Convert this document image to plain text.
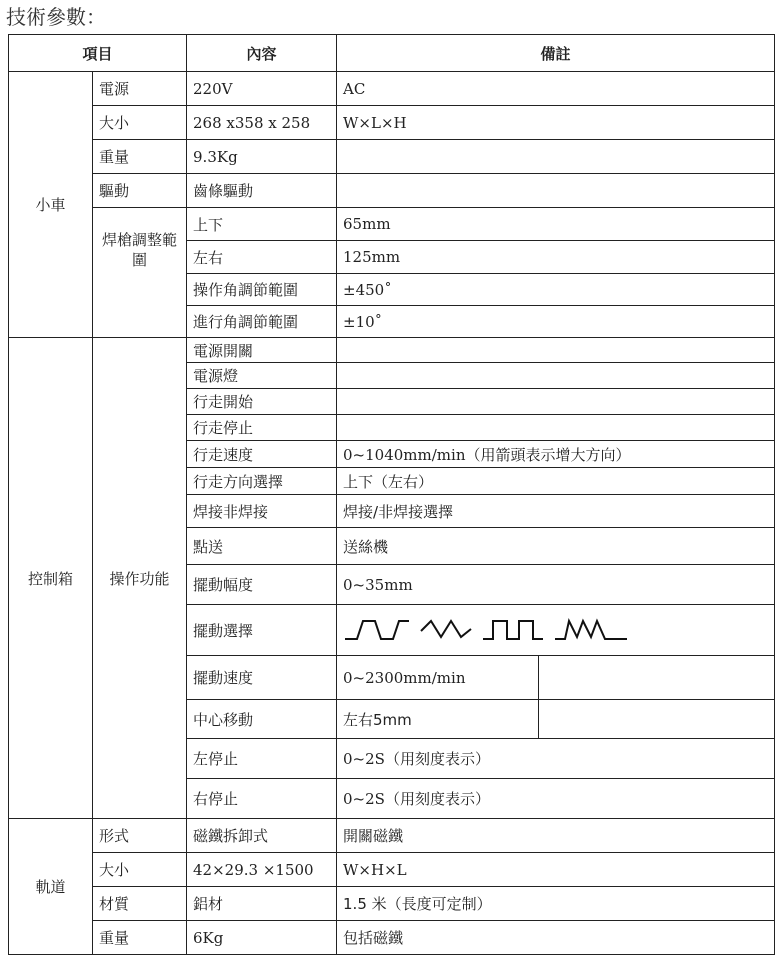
技術參數：
項目		內容	備註	
小車	電源	220V	AC	
	大小	268 x358 x 258	W×L×H	
	重量	9.3Kg		
	驅動	齒條驅動		
	焊槍調整範圍	上下	65mm	
		左右	125mm	
		操作角調節範圍	±450˚	
		進行角調節範圍	±10˚	
控制箱	操作功能	電源開關		
		電源燈		
		行走開始		
		行走停止		
		行走速度	0~1040mm/min（用箭頭表示增大方向）	
		行走方向選擇	上下（左右）	
		焊接非焊接	焊接/非焊接選擇	
		點送	送絲機	
		擺動幅度	0~35mm	
		擺動選擇	

		擺動速度	0~2300mm/min	
		中心移動	左右5mm	
		左停止	0~2S（用刻度表示）	
		右停止	0~2S（用刻度表示）	
軌道	形式	磁鐵拆卸式	開關磁鐵	
	大小	42×29.3 ×1500	W×H×L	
	材質	鋁材	1.5 米（長度可定制）	
	重量	6Kg	包括磁鐵	
